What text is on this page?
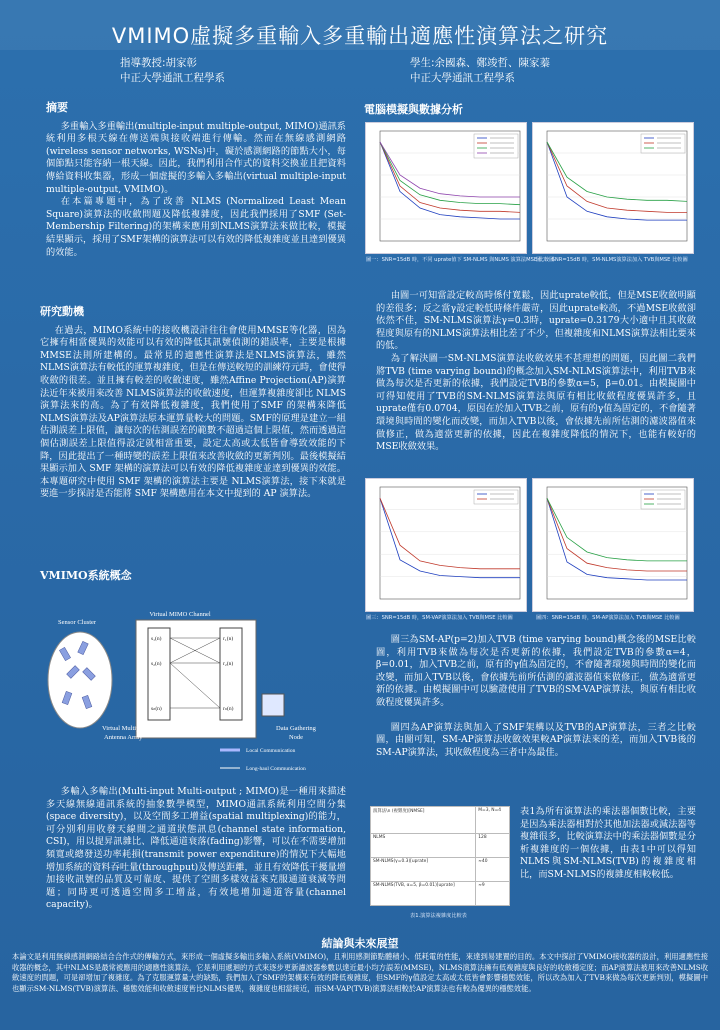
VMIMO虛擬多重輸入多重輸出適應性演算法之研究
指導教授:胡家彰
中正大學通訊工程學系
學生:余國森、鄭竣哲、陳家蓁
中正大學通訊工程學系
摘要

多重輸入多重輸出(multiple-input multiple-output, MIMO)通訊系統利用多根天線在傳送端與接收端進行傳輸。然而在無線感測網路(wireless sensor networks, WSNs)中，礙於感測網路的節點大小，每個節點只能容納一根天線。因此，我們利用合作式的資料交換並且把資料傳給資料收集器，形成一個虛擬的多輸入多輸出(virtual multiple-input multiple-output, VMIMO)。

在本篇專題中，為了改善 NLMS (Normalized Least Mean Square)演算法的收斂問題及降低複雜度，因此我們採用了SMF (Set-Membership Filtering)的架構來應用到NLMS演算法來做比較，模擬結果顯示，採用了SMF架構的演算法可以有效的降低複雜度並且達到優異的效能。

研究動機

在過去，MIMO系統中的接收機設計往往會使用MMSE等化器，因為它擁有相當優異的效能可以有效的降低其訊號偵測的錯誤率，主要是根據MMSE法則所建構的。最常見的適應性演算法是NLMS演算法，雖然NLMS演算法有較低的運算複雜度，但是在傳送較短的訓練符元時，會使得收斂的很差。並且擁有較差的收斂速度，雖然Affine Projection(AP)演算法近年來被用來改善 NLMS演算法的收斂速度，但運算複雜度卻比 NLMS 演算法來的高。為了有效降低複雜度，我們使用了SMF 的架構來降低NLMS演算法及AP演算法原本運算量較大的問題。SMF的原理是建立一組估測誤差上限值，讓每次的估測誤差的範數不超過這個上限值，然而透過這個估測誤差上限值得設定就相當重要，設定太高或太低皆會導致效能的下降，因此提出了一種時變的誤差上限值來改善收斂的更新判別。最後模擬結果顯示加入 SMF 架構的演算法可以有效的降低複雜度並達到優異的效能。本專題研究中使用 SMF 架構的演算法主要是 NLMS演算法，接下來就是要進一步探討是否能將 SMF 架構應用在本文中提到的 AP 演算法。

VMIMO系統概念
Virtual MIMO Channel
Sensor Cluster
s₁(n)
s₂(n)
sₙ(n)
r₁(n)
r₂(n)
rₙ(n)
Virtual Multiple
Antenna Array
Data Gathering
Node
Local Communication
Long-haul Communication

多輸入多輸出(Multi-input Multi-output ; MIMO)是一種用來描述多天線無線通訊系統的抽象數學模型，MIMO通訊系統利用空間分集(space diversity)，以及空間多工增益(spatial multiplexing)的能力，可分別利用收發天線間之通道狀態訊息(channel state information, CSI)，用以提昇訊雜比、降低通道衰落(fading)影響，可以在不需要增加頻寬或總發送功率耗損(transmit power expenditure)的情況下大幅地增加系統的資料吞吐量(throughput)及傳送距離，並且有效降低干擾量增加接收訊號的品質及可靠度、提供了空間多樣效益來克服通道衰減等問題；同時更可透過空間多工增益，有效地增加通道容量(channel capacity)。

電腦模擬與數據分析
圖一：SNR=15dB 時，不同 uprate值下 SM-NLMS 與NLMS 演算法MSE 比較圖
圖二：SNR=15dB 時，SM-NLMS演算法加入 TVB與MSE 比較圖

由圖一可知當設定較高時係付寬鬆，因此uprate較低，但是MSE收斂明顯的差很多；反之當γ設定較低時條件嚴苛，因此uprate較高，不過MSE收斂卻依然不佳，SM-NLMS演算法γ=0.3時，uprate=0.3179大小適中且其收斂程度與原有的NLMS演算法相比差了不少，但複雜度和NLMS演算法相比要來的低。

為了解決圖一SM-NLMS演算法收斂效果不甚理想的問題，因此圖二我們將TVB (time varying bound)的概念加入SM-NLMS演算法中，利用TVB來做為每次是否更新的依據，我們設定TVB的參數α=5，β=0.01。由模擬圖中可得知使用了TVB的SM-NLMS演算法與原有相比收斂程度優異許多，且uprate僅有0.0704，原因在於加入TVB之前，原有的γ值為固定的，不會隨著環境與時間的變化而改變，而加入TVB以後，會依據先前所估測的濾波器值來做修正，做為適當更新的依據，因此在複雜度降低的情況下，也能有較好的MSE收斂效果。

圖三：SNR=15dB 時，SM-VAP演算法加入 TVB與MSE 比較圖	圖四：SNR=15dB 時，SM-AP演算法加入 TVB與MSE 比較圖

圖三為SM-AP(p=2)加入TVB (time varying bound)概念後的MSE比較圖，利用TVB來做為每次是否更新的依據，我們設定TVB的參數α=4，β=0.01，加入TVB之前，原有的γ值為固定的，不會隨著環境與時間的變化而改變，而加入TVB以後，會依據先前所估測的濾波器值來做修正，做為適當更新的依據。由模擬圖中可以驗證使用了TVB的SM-VAP演算法，與原有相比收斂程度優異許多。

圖四為AP演算法與加入了SMF架構以及TVB的AP演算法，三者之比較圖，由圖可知，SM-AP演算法收斂效果較AP演算法來的差，而加入TVB後的SM-AP演算法，其收斂程度為三者中為最佳。

演算法\n (複雜度)[NMSE]	M=3, N=4
NLMS	128
SM-NLMS(γ=0.3)[uprate]	≈40
SM-NLMS(TVB, α=5, β=0.01)[uprate]	≈9
表1.演算法複雜度比較表

表1為所有演算法的乘法器個數比較，主要是因為乘法器相對於其他加法器或減法器等複雜很多，比較演算法中的乘法器個數是分析複雜度的一個依據，由表1中可以得知NLMS與SM-NLMS(TVB)的複雜度相比，而SM-NLMS的複雜度相較較低。

結論與未來展望
本論文是利用無線感測網路結合合作式的傳輸方式，來形成一個虛擬多輸出多輸入系統(VMIMO)，且利用感測節點體積小、低耗電的性能，來達到易建置的目的。本文中探討了VMIMO接收器的設計，利用適應性接收器的概念，其中NLMS是最常被應用的適應性演算法，它是利用遞迴的方式來逐步更新濾波器參數以達近最小均方誤差(MMSE)，NLMS演算法擁有低複雜度與良好的收斂穩定度；而AP演算法被用來改善NLMS收斂速度的問題，可是卻增加了複雜度。為了克服運算量大的缺點，我們加入了SMF的架構來有效的降低複雜度，但SMF的γ值設定太高或太低皆會影響穩態效能，所以改為加入了TVB來做為每次更新判別，模擬圖中也顯示SM-NLMS(TVB)演算法、穩態效能和收斂速度皆比NLMS優異，複雜度也相當接近，而SM-VAP(TVB)演算法相較於AP演算法也有較為優異的穩態效能。
